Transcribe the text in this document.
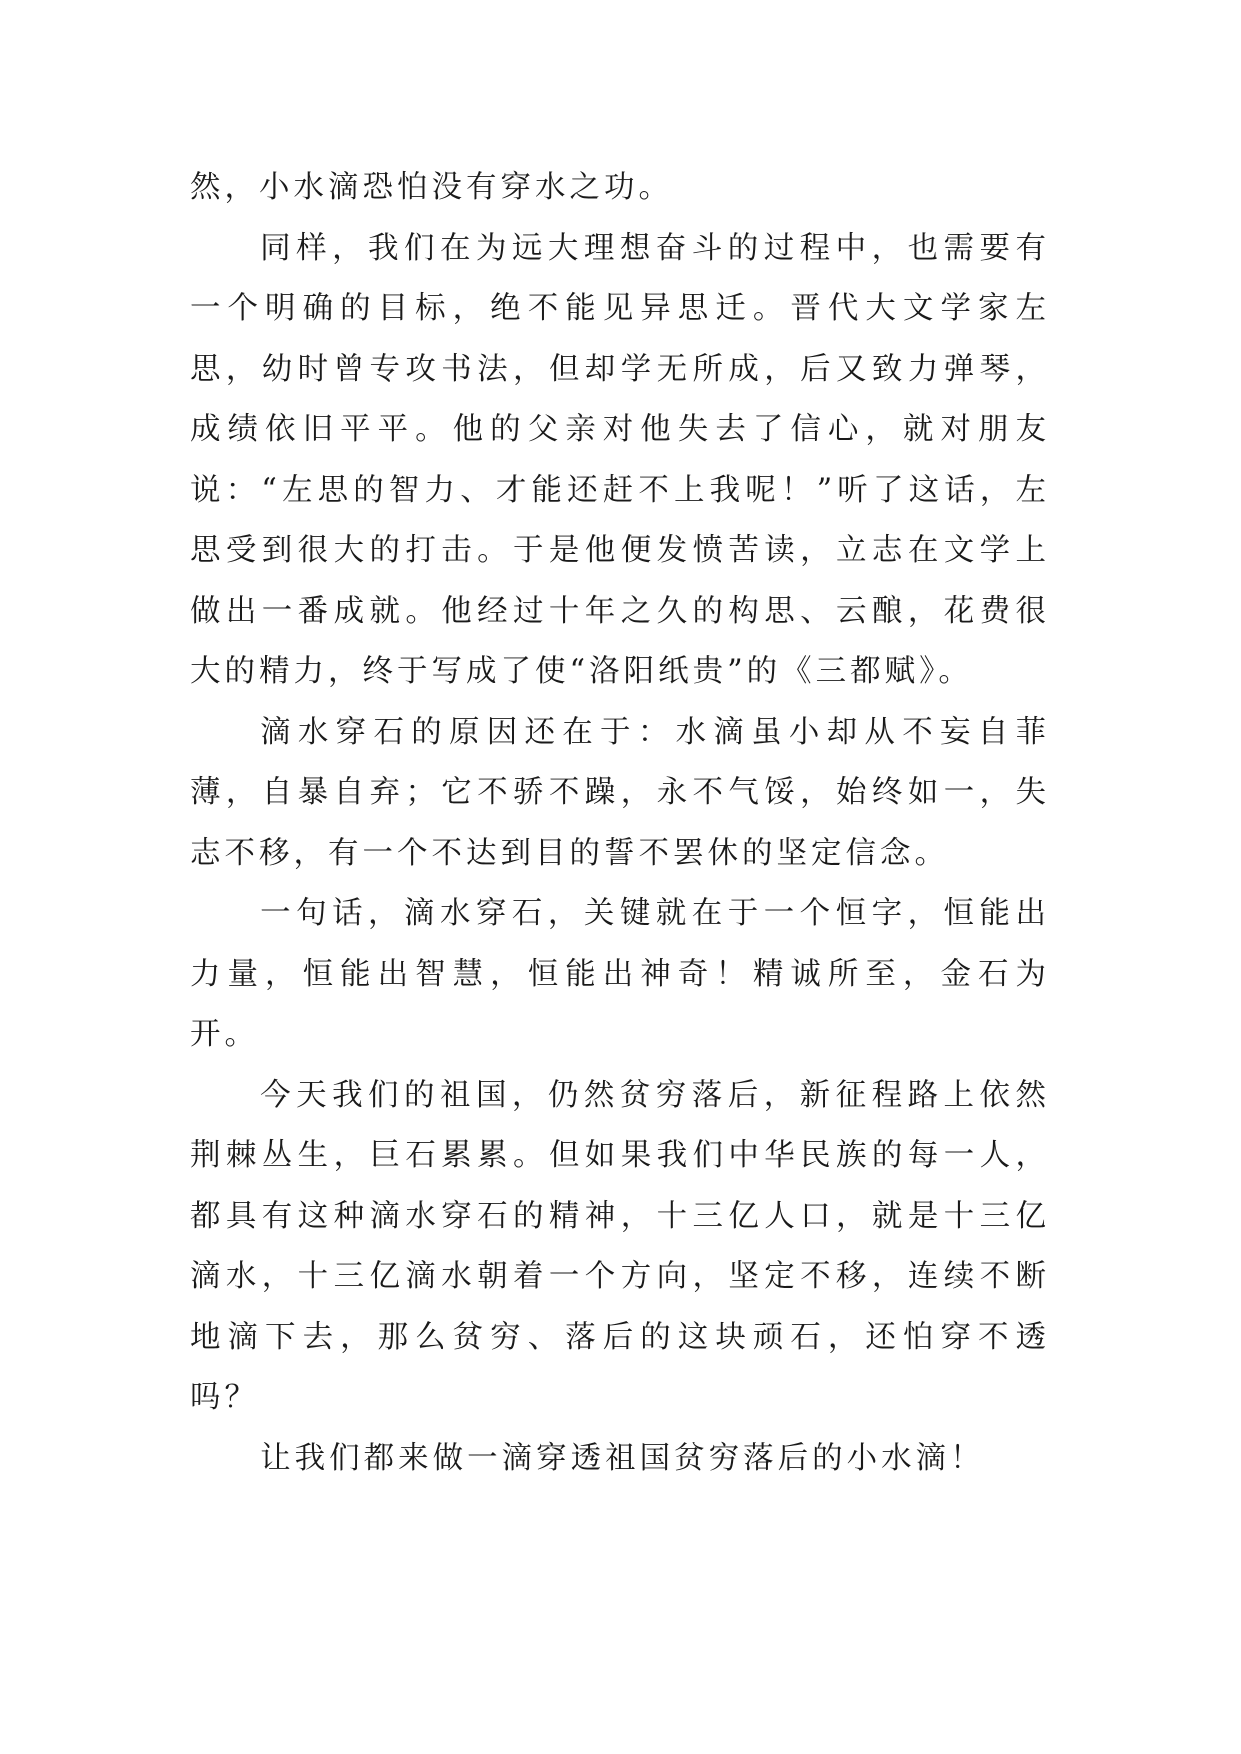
然，小水滴恐怕没有穿水之功。

同样，我们在为远大理想奋斗的过程中，也需要有一个明确的目标，绝不能见异思迁。晋代大文学家左思，幼时曾专攻书法，但却学无所成，后又致力弹琴，成绩依旧平平。他的父亲对他失去了信心，就对朋友说：“左思的智力、才能还赶不上我呢！”听了这话，左思受到很大的打击。于是他便发愤苦读，立志在文学上做出一番成就。他经过十年之久的构思、云酿，花费很大的精力，终于写成了使“洛阳纸贵”的《三都赋》。

滴水穿石的原因还在于：水滴虽小却从不妄自菲薄，自暴自弃；它不骄不躁，永不气馁，始终如一，失志不移，有一个不达到目的誓不罢休的坚定信念。

一句话，滴水穿石，关键就在于一个恒字，恒能出力量，恒能出智慧，恒能出神奇！精诚所至，金石为开。

今天我们的祖国，仍然贫穷落后，新征程路上依然荆棘丛生，巨石累累。但如果我们中华民族的每一人，都具有这种滴水穿石的精神，十三亿人口，就是十三亿滴水，十三亿滴水朝着一个方向，坚定不移，连续不断地滴下去，那么贫穷、落后的这块顽石，还怕穿不透吗？

让我们都来做一滴穿透祖国贫穷落后的小水滴！
